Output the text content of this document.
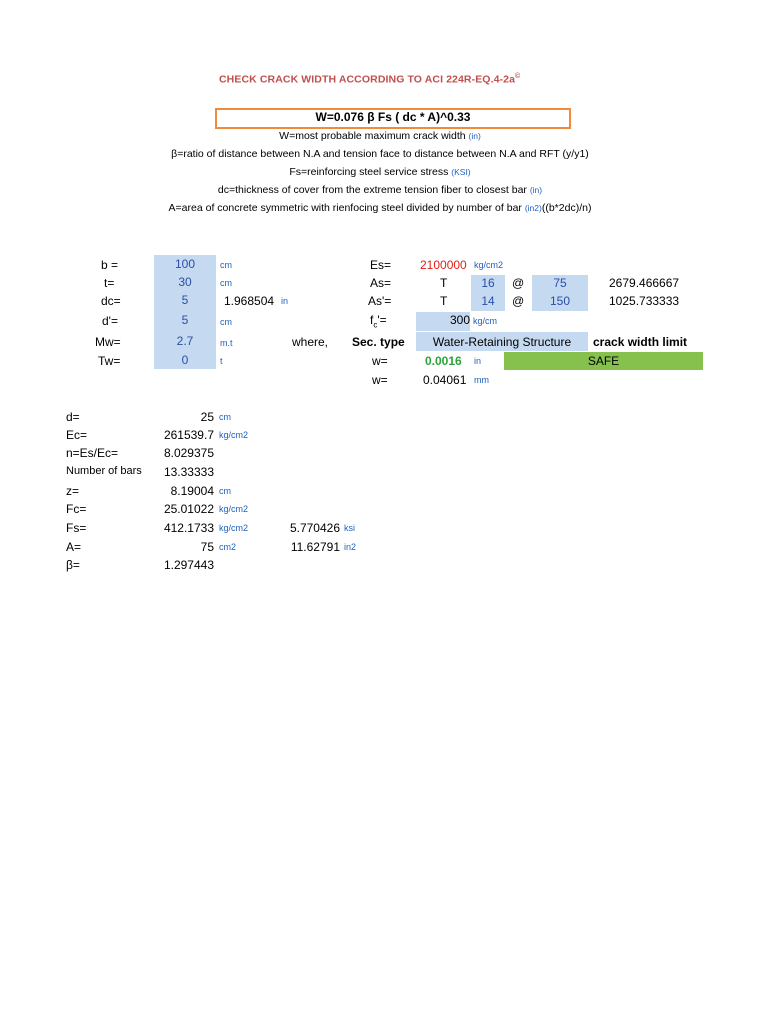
CHECK CRACK WIDTH ACCORDING TO ACI 224R-EQ.4-2a©
W=0.076 β Fs ( dc * A)^0.33
W=most probable maximum crack width (in)
β=ratio of distance between N.A and tension face to distance between N.A and RFT (y/y1)
Fs=reinforcing steel service stress (KSI)
dc=thickness of cover from the extreme tension fiber to closest bar (in)
A=area of concrete symmetric with rienfocing steel divided by number of bar (in2)((b*2dc)/n)
b =	100	cm
t=	30	cm
dc=	5	1.968504 in
d'=	5	cm
Mw=	2.7	m.t	where,
Tw=	0	t
Es= 2100000 kg/cm2
As=	T	16	@	75	2679.466667
As'=	T	14	@	150	1025.733333
$f_c'=$	300 kg/cm
Sec. type	Water-Retaining Structure	crack width limit
w=	0.0016 in	SAFE
w=	0.04061 mm
d=	25 cm
Ec=	261539.7 kg/cm2
n=Es/Ec=	8.029375
Number of bars	13.33333
z=	8.19004 cm
Fc=	25.01022 kg/cm2
Fs=	412.1733 kg/cm2	5.770426 ksi
A=	75 cm2	11.62791 in2
β=	1.297443
